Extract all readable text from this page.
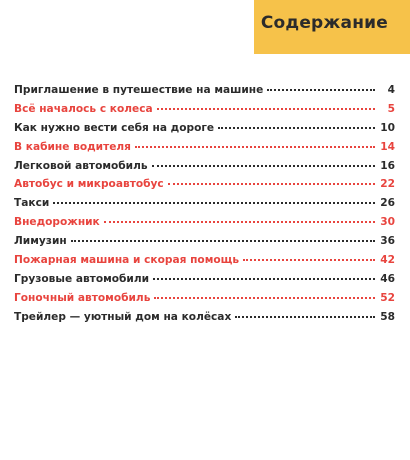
Содержание
Приглашение в путешествие на машине	4
Всё началось с колеса	5
Как нужно вести себя на дороге	10
В кабине водителя	14
Легковой автомобиль	16
Автобус и микроавтобус	22
Такси	26
Внедорожник	30
Лимузин	36
Пожарная машина и скорая помощь	42
Грузовые автомобили	46
Гоночный автомобиль	52
Трейлер — уютный дом на колёсах	58
